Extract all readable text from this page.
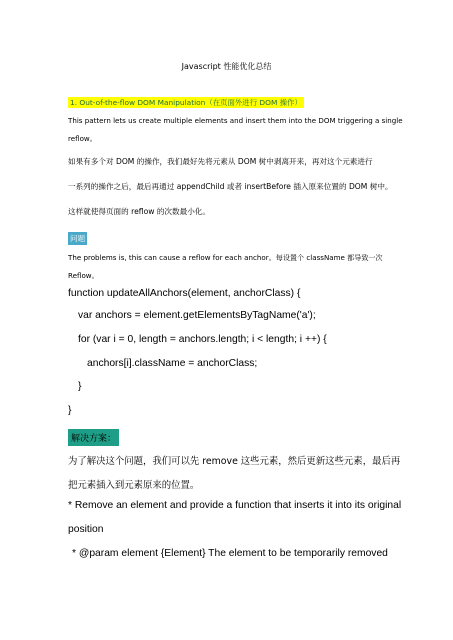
Javascript 性能优化总结
1. Out-of-the-flow DOM Manipulation（在页面外进行 DOM 操作）
This pattern lets us create multiple elements and insert them into the DOM triggering a single
reflow。
如果有多个对 DOM 的操作，我们最好先将元素从 DOM 树中剥离开来，再对这个元素进行
一系列的操作之后，最后再通过 appendChild 或者 insertBefore 插入原来位置的 DOM 树中。
这样就使得页面的 reflow 的次数最小化。
问题
The problems is, this can cause a reflow for each anchor。每设置个 className 都导致一次
Reflow。
function updateAllAnchors(element, anchorClass) {
var anchors = element.getElementsByTagName('a');
for (var i = 0, length = anchors.length; i < length; i ++) {
anchors[i].className = anchorClass;
}
}
解决方案：
为了解决这个问题，我们可以先 remove 这些元素，然后更新这些元素，最后再
把元素插入到元素原来的位置。
* Remove an element and provide a function that inserts it into its original
position
* @param element {Element} The element to be temporarily removed
